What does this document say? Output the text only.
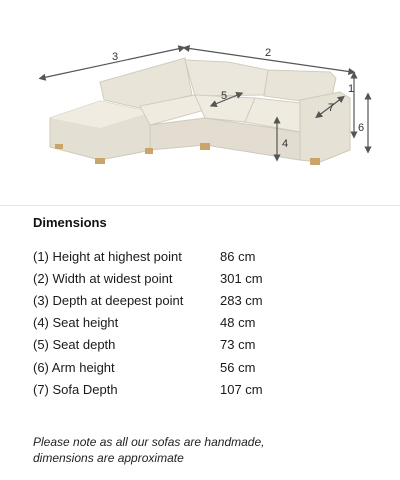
3	2
1
6
7
5
4
Dimensions
(1) Height at highest point	86 cm
(2) Width at widest point	301 cm
(3) Depth at deepest point	283 cm
(4) Seat height	48 cm
(5) Seat depth	73 cm
(6) Arm height	56 cm
(7) Sofa Depth	107 cm
Please note as all our sofas are handmade,
dimensions are approximate
